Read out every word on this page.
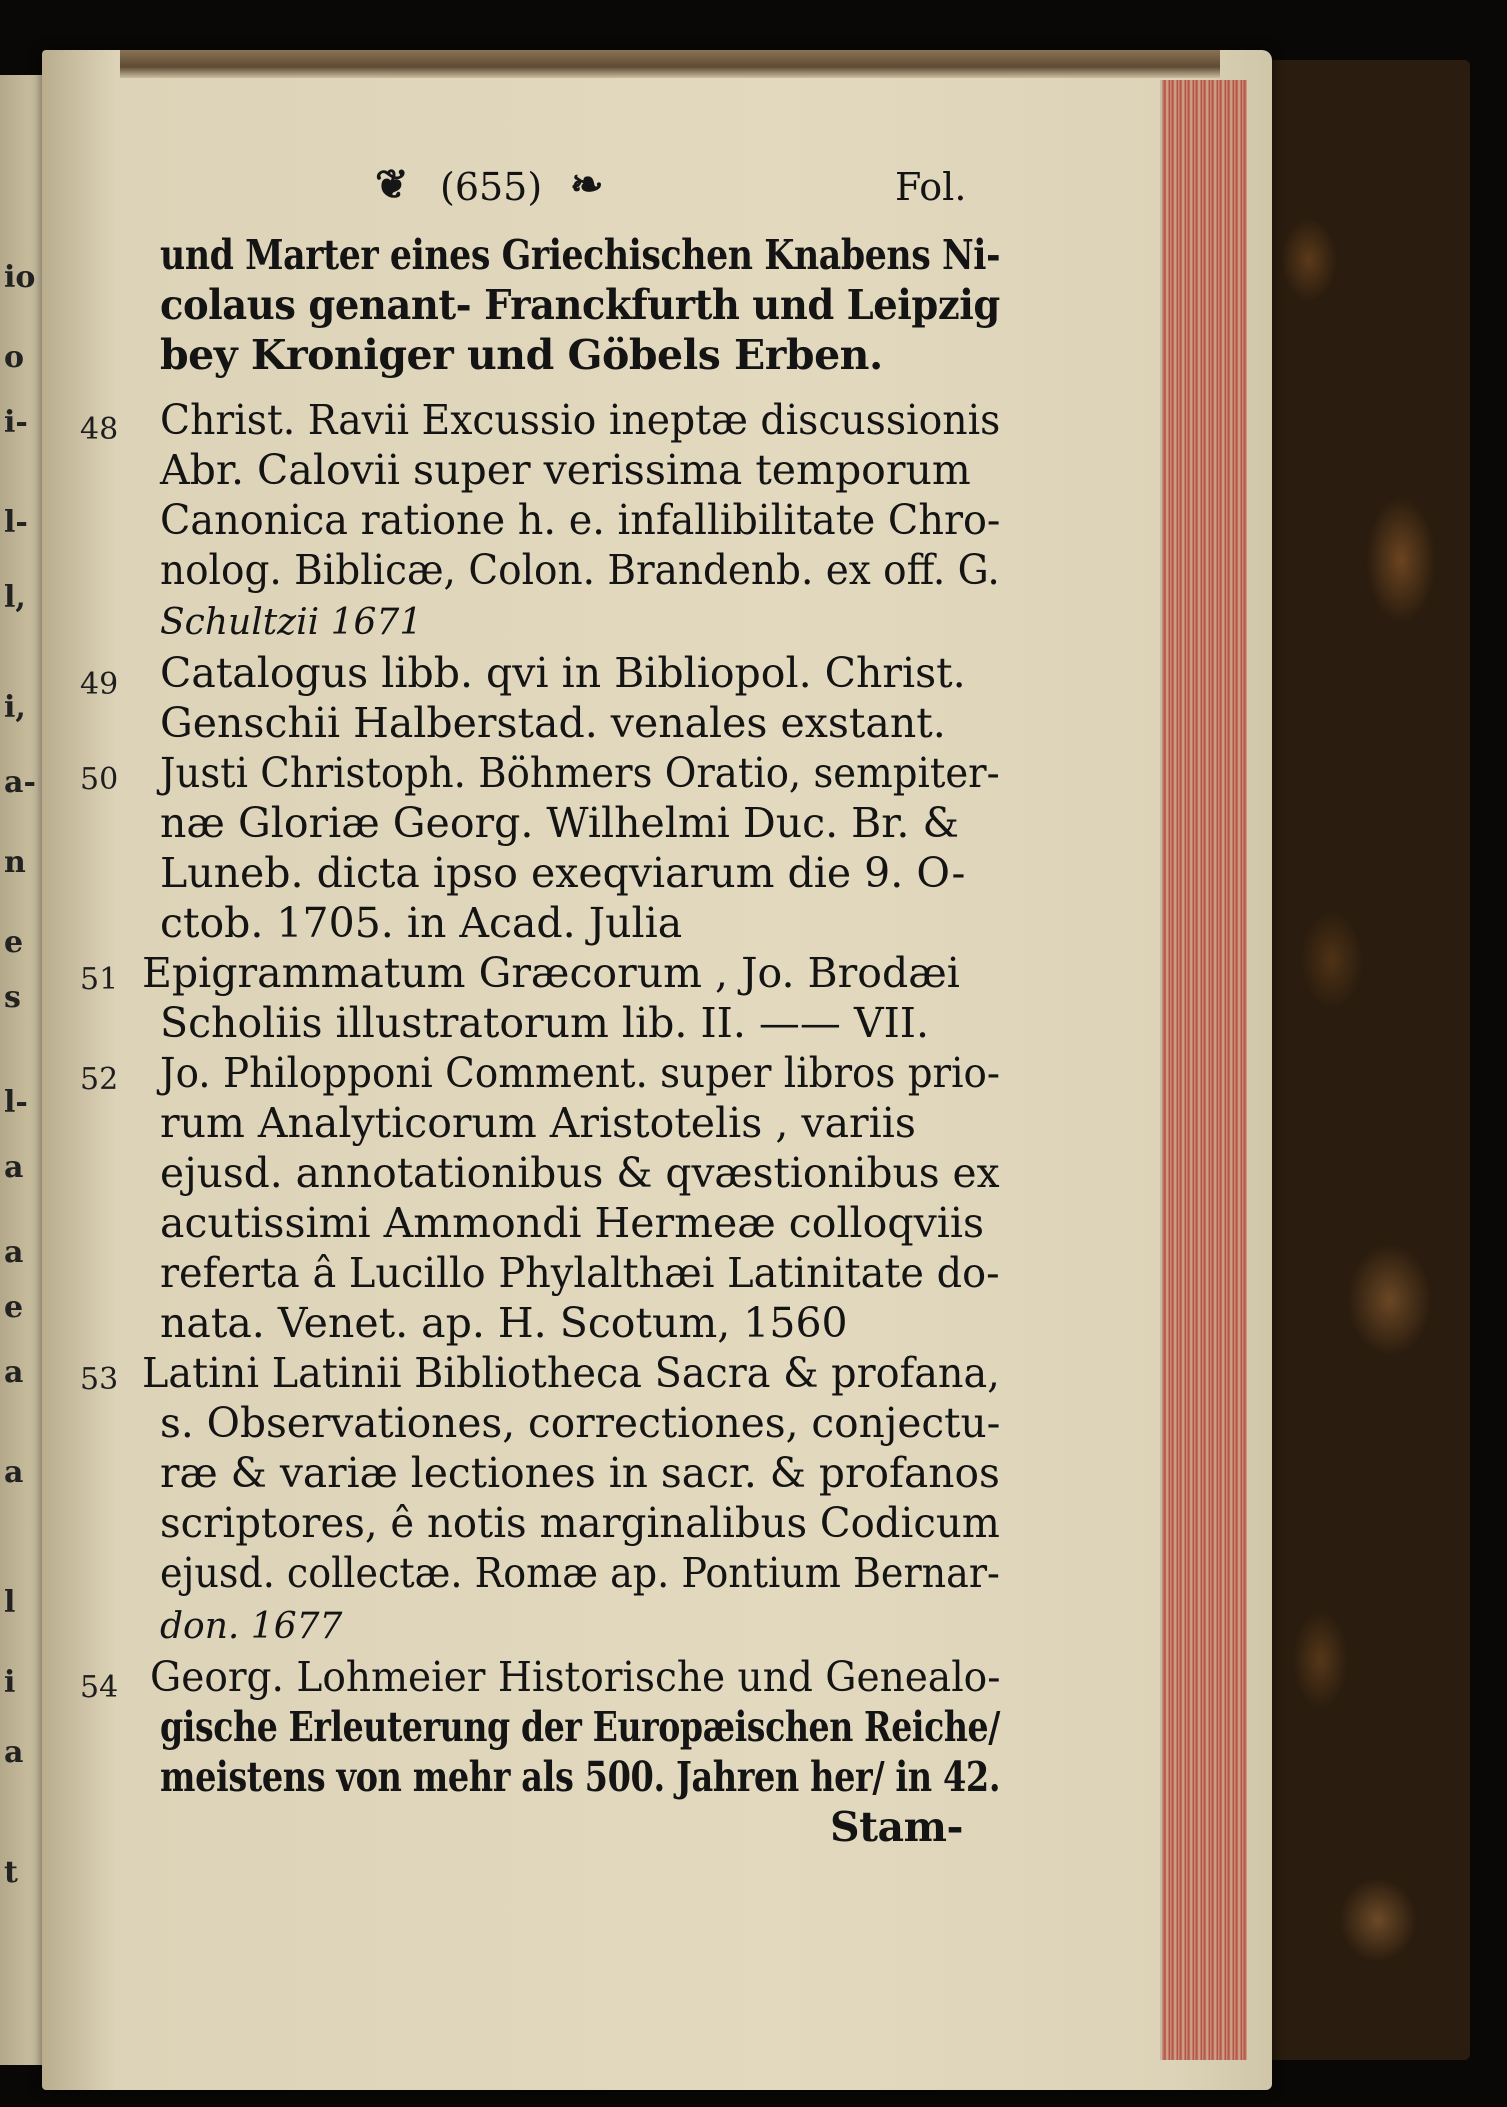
io
o
i-
l-
l,
i,
a-
n
e
s
l-
a
a
e
a
a
l
i
a
t
❦ (655) ❧	Fol.
und Marter eines Griechischen Knabens Ni-
colaus genant- Franckfurth und Leipzig
bey Kroniger und Göbels Erben.
48 Christ. Ravii Excussio ineptæ discussionis
Abr. Calovii super verissima temporum
Canonica ratione h. e. infallibilitate Chro-
nolog. Biblicæ, Colon. Brandenb. ex off. G.
Schultzii 1671
49 Catalogus libb. qvi in Bibliopol. Christ.
Genschii Halberstad. venales exstant.
50 Justi Christoph. Böhmers Oratio, sempiter-
næ Gloriæ Georg. Wilhelmi Duc. Br. &
Luneb. dicta ipso exeqviarum die 9. O-
ctob. 1705. in Acad. Julia
51 Epigrammatum Græcorum , Jo. Brodæi
Scholiis illustratorum lib. II. —— VII.
52 Jo. Philopponi Comment. super libros prio-
rum Analyticorum Aristotelis , variis
ejusd. annotationibus & qvæstionibus ex
acutissimi Ammondi Hermeæ colloqviis
referta â Lucillo Phylalthæi Latinitate do-
nata. Venet. ap. H. Scotum, 1560
53 Latini Latinii Bibliotheca Sacra & profana,
s. Observationes, correctiones, conjectu-
ræ & variæ lectiones in sacr. & profanos
scriptores, ê notis marginalibus Codicum
ejusd. collectæ. Romæ ap. Pontium Bernar-
don. 1677
54 Georg. Lohmeier Historische und Genealo-
gische Erleuterung der Europæischen Reiche/
meistens von mehr als 500. Jahren her/ in 42.
Stam-
